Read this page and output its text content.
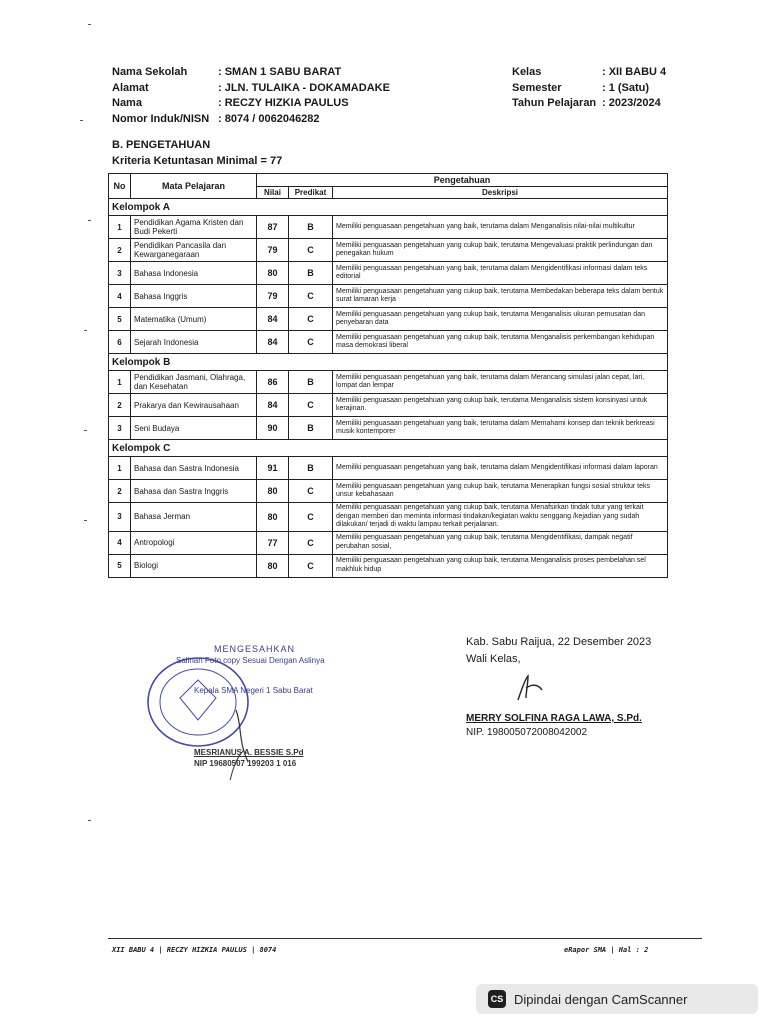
Nama Sekolah	: SMAN 1 SABU BARAT
Alamat	: JLN. TULAIKA - DOKAMADAKE
Nama	: RECZY HIZKIA PAULUS
Nomor Induk/NISN : 8074 / 0062046282
Kelas	: XII BABU 4
Semester	: 1 (Satu)
Tahun Pelajaran : 2023/2024
B. PENGETAHUAN
Kriteria Ketuntasan Minimal = 77
No	Mata Pelajaran	Pengetahuan		
		Nilai	Predikat	Deskripsi
Kelompok A				
1	Pendidikan Agama Kristen dan Budi Pekerti	87	B	Memiliki penguasaan pengetahuan yang baik, terutama dalam Menganalisis nilai-nilai multikultur
2	Pendidikan Pancasila dan Kewarganegaraan	79	C	Memiliki penguasaan pengetahuan yang cukup baik, terutama Mengevaluasi praktik perlindungan dan penegakan hukum
3	Bahasa Indonesia	80	B	Memiliki penguasaan pengetahuan yang baik, terutama dalam Mengidentifikasi informasi dalam teks editorial
4	Bahasa Inggris	79	C	Memiliki penguasaan pengetahuan yang cukup baik, terutama Membedakan beberapa teks dalam bentuk surat lamaran kerja
5	Matematika (Umum)	84	C	Memiliki penguasaan pengetahuan yang cukup baik, terutama Menganalisis ukuran pemusatan dan penyebaran data
6	Sejarah Indonesia	84	C	Memiliki penguasaan pengetahuan yang cukup baik, terutama Menganalisis perkembangan kehidupan masa demokrasi liberal
Kelompok B				
1	Pendidikan Jasmani, Olahraga, dan Kesehatan	86	B	Memiliki penguasaan pengetahuan yang baik, terutama dalam Merancang simulasi jalan cepat, lari, lompat dan lempar
2	Prakarya dan Kewirausahaan	84	C	Memiliki penguasaan pengetahuan yang cukup baik, terutama Menganalisis sistem konsinyasi untuk kerajinan.
3	Seni Budaya	90	B	Memiliki penguasaan pengetahuan yang baik, terutama dalam Memahami konsep dan teknik berkreasi musik kontemporer
Kelompok C				
1	Bahasa dan Sastra Indonesia	91	B	Memiliki penguasaan pengetahuan yang baik, terutama dalam Mengidentifikasi informasi dalam laporan
2	Bahasa dan Sastra Inggris	80	C	Memiliki penguasaan pengetahuan yang cukup baik, terutama Menerapkan fungsi sosial struktur teks unsur kebahasaan
3	Bahasa Jerman	80	C	Memiliki penguasaan pengetahuan yang cukup baik, terutama Menafsirkan tindak tutur yang terkait dengan memberi dan meminta informasi tindakan/kegiatan waktu senggang /kejadian yang sudah dilakukan/ terjadi di waktu lampau terkait perjalanan.
4	Antropologi	77	C	Memiliki penguasaan pengetahuan yang cukup baik, terutama Mengidentifikasi, dampak negatif perubahan sosial,
5	Biologi	80	C	Memiliki penguasaan pengetahuan yang cukup baik, terutama Menganalisis proses pembelahan sel makhluk hidup
MENGESAHKAN
Salinan Foto copy Sesuai Dengan Aslinya
Kepala SMA Negeri 1 Sabu Barat
MESRIANUS A. BESSIE S.Pd
NIP 19680507 199203 1 016
Kab. Sabu Raijua, 22 Desember 2023
Wali Kelas,
MERRY SOLFINA RAGA LAWA, S.Pd.
NIP. 198005072008042002
XII BABU 4 | RECZY HIZKIA PAULUS | 8074	eRapor SMA | Hal : 2
CS Dipindai dengan CamScanner
